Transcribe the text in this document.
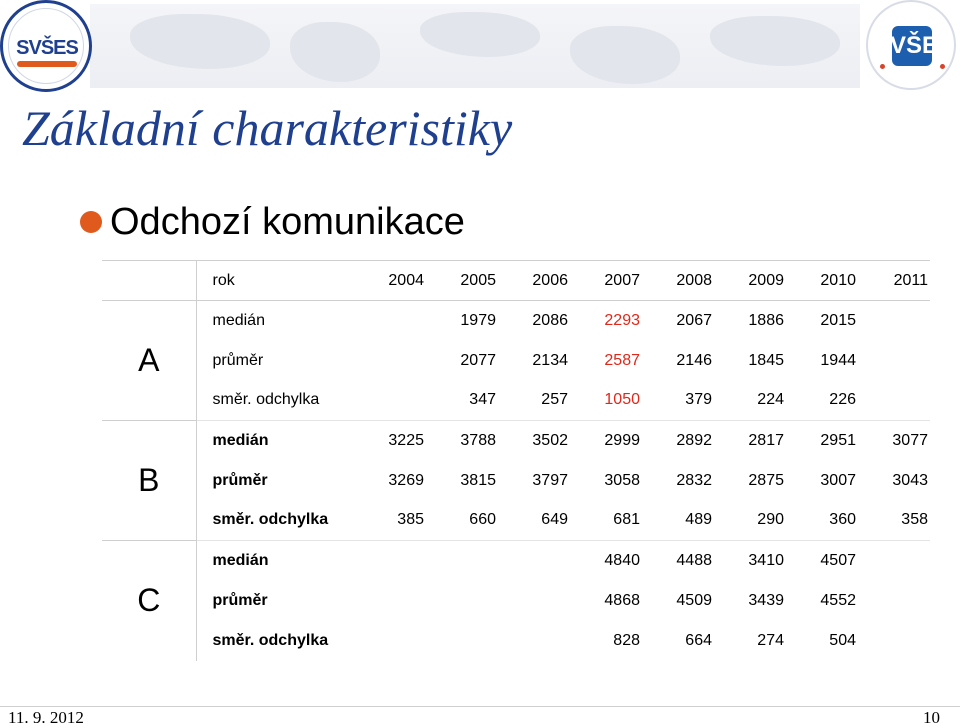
SVŠES	VŠE
Základní charakteristiky
Odchozí komunikace
	rok	2004	2005	2006	2007	2008	2009	2010	2011
A	medián		1979	2086	2293	2067	1886	2015	
	průměr		2077	2134	2587	2146	1845	1944	
	směr. odchylka		347	257	1050	379	224	226	
B	medián	3225	3788	3502	2999	2892	2817	2951	3077
	průměr	3269	3815	3797	3058	2832	2875	3007	3043
	směr. odchylka	385	660	649	681	489	290	360	358
C	medián				4840	4488	3410	4507	
	průměr				4868	4509	3439	4552	
	směr. odchylka				828	664	274	504	
11. 9. 2012	10
